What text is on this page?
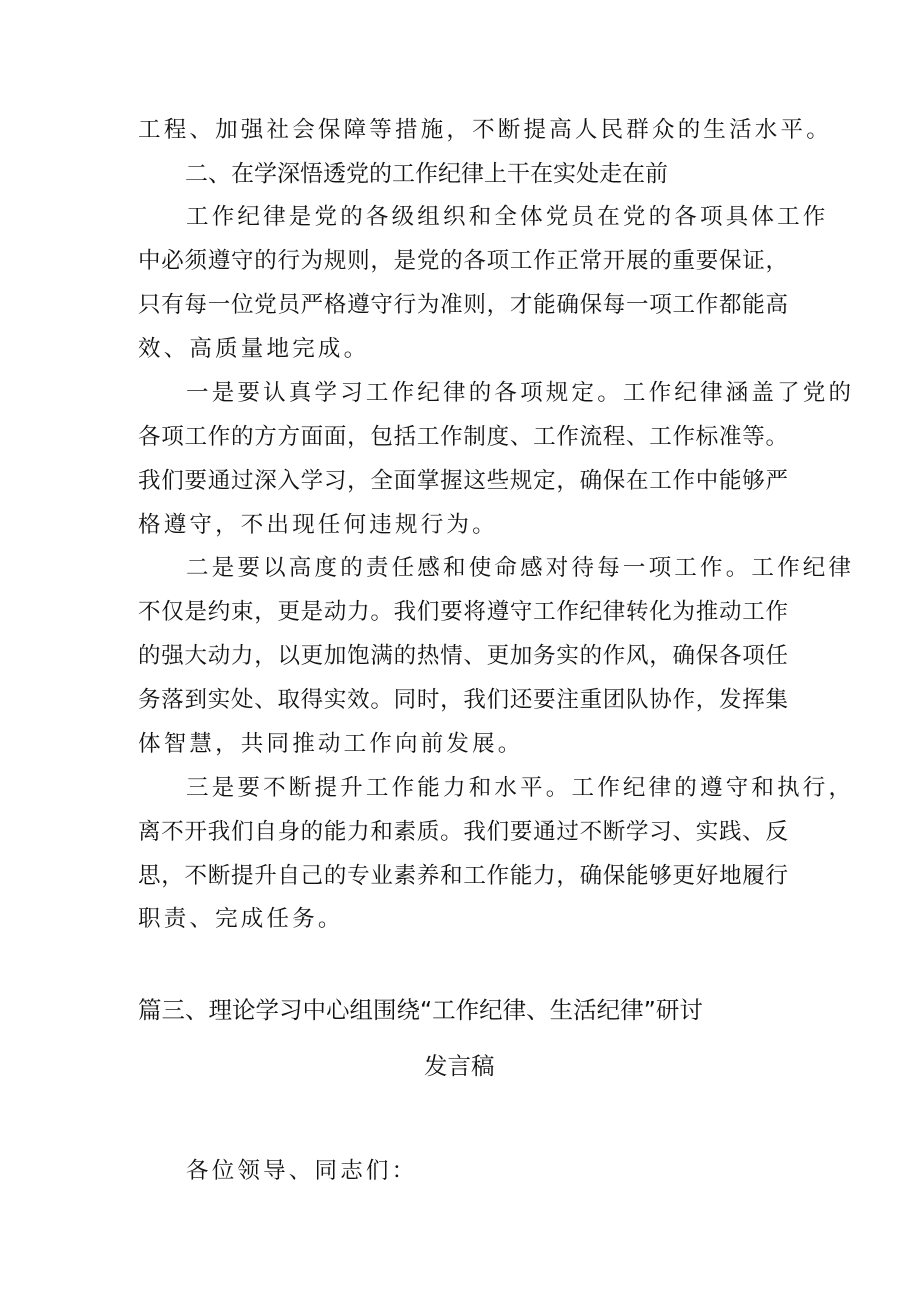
工程、加强社会保障等措施，不断提高人民群众的生活水平。
二、在学深悟透党的工作纪律上干在实处走在前
工作纪律是党的各级组织和全体党员在党的各项具体工作
中必须遵守的行为规则，是党的各项工作正常开展的重要保证，
只有每一位党员严格遵守行为准则，才能确保每一项工作都能高
效、高质量地完成。
一是要认真学习工作纪律的各项规定。工作纪律涵盖了党的
各项工作的方方面面，包括工作制度、工作流程、工作标准等。
我们要通过深入学习，全面掌握这些规定，确保在工作中能够严
格遵守，不出现任何违规行为。
二是要以高度的责任感和使命感对待每一项工作。工作纪律
不仅是约束，更是动力。我们要将遵守工作纪律转化为推动工作
的强大动力，以更加饱满的热情、更加务实的作风，确保各项任
务落到实处、取得实效。同时，我们还要注重团队协作，发挥集
体智慧，共同推动工作向前发展。
三是要不断提升工作能力和水平。工作纪律的遵守和执行，
离不开我们自身的能力和素质。我们要通过不断学习、实践、反
思，不断提升自己的专业素养和工作能力，确保能够更好地履行
职责、完成任务。
篇三、理论学习中心组围绕“工作纪律、生活纪律”研讨
发言稿
各位领导、同志们：
